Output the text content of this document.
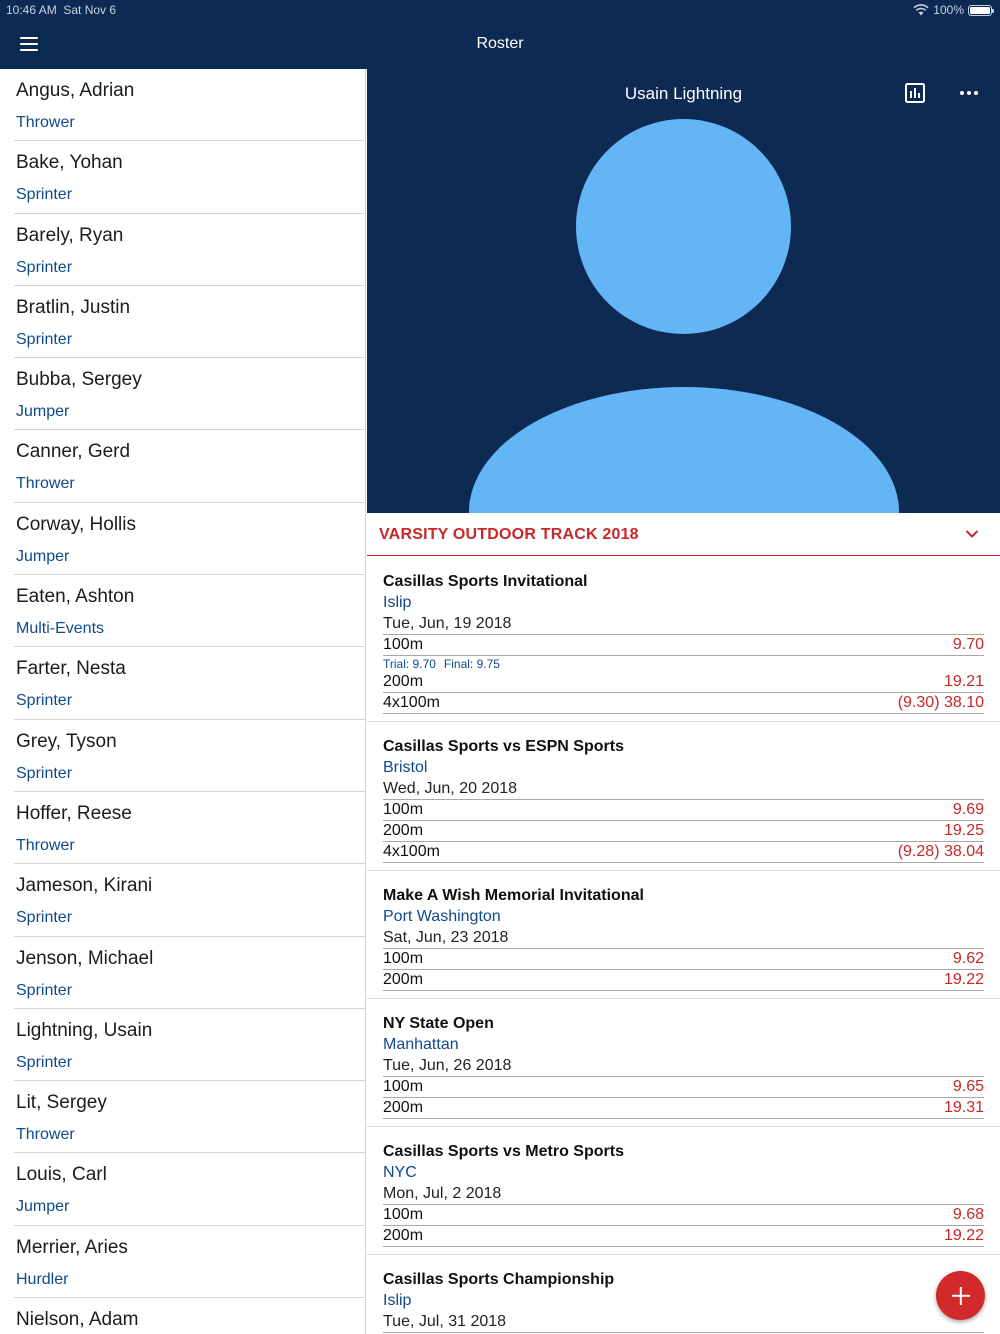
10:46 AM  Sat Nov 6	100%
Roster
Angus, Adrian
Thrower
Bake, Yohan
Sprinter
Barely, Ryan
Sprinter
Bratlin, Justin
Sprinter
Bubba, Sergey
Jumper
Canner, Gerd
Thrower
Corway, Hollis
Jumper
Eaten, Ashton
Multi-Events
Farter, Nesta
Sprinter
Grey, Tyson
Sprinter
Hoffer, Reese
Thrower
Jameson, Kirani
Sprinter
Jenson, Michael
Sprinter
Lightning, Usain
Sprinter
Lit, Sergey
Thrower
Louis, Carl
Jumper
Merrier, Aries
Hurdler
Nielson, Adam
Usain Lightning
VARSITY OUTDOOR TRACK 2018
Casillas Sports Invitational
Islip
Tue, Jun, 19 2018
100m	9.70
Trial: 9.70 Final: 9.75
200m	19.21
4x100m	(9.30) 38.10
Casillas Sports vs ESPN Sports
Bristol
Wed, Jun, 20 2018
100m	9.69
200m	19.25
4x100m	(9.28) 38.04
Make A Wish Memorial Invitational
Port Washington
Sat, Jun, 23 2018
100m	9.62
200m	19.22
NY State Open
Manhattan
Tue, Jun, 26 2018
100m	9.65
200m	19.31
Casillas Sports vs Metro Sports
NYC
Mon, Jul, 2 2018
100m	9.68
200m	19.22
Casillas Sports Championship
Islip
Tue, Jul, 31 2018
